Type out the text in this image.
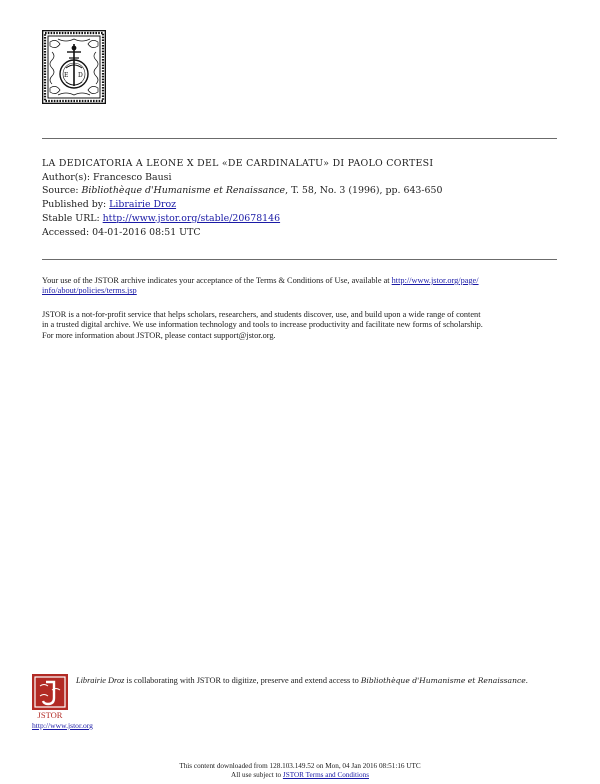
E D
LA DEDICATORIA A LEONE X DEL «DE CARDINALATU» DI PAOLO CORTESI
Author(s): Francesco Bausi
Source: Bibliothèque d'Humanisme et Renaissance, T. 58, No. 3 (1996), pp. 643-650
Published by: Librairie Droz
Stable URL: http://www.jstor.org/stable/20678146
Accessed: 04-01-2016 08:51 UTC
Your use of the JSTOR archive indicates your acceptance of the Terms & Conditions of Use, available at http://www.jstor.org/page/
info/about/policies/terms.jsp
JSTOR is a not-for-profit service that helps scholars, researchers, and students discover, use, and build upon a wide range of content
in a trusted digital archive. We use information technology and tools to increase productivity and facilitate new forms of scholarship.
For more information about JSTOR, please contact support@jstor.org.
JSTOR
Librairie Droz is collaborating with JSTOR to digitize, preserve and extend access to Bibliothèque d'Humanisme et Renaissance.
http://www.jstor.org
This content downloaded from 128.103.149.52 on Mon, 04 Jan 2016 08:51:16 UTC
All use subject to JSTOR Terms and Conditions
